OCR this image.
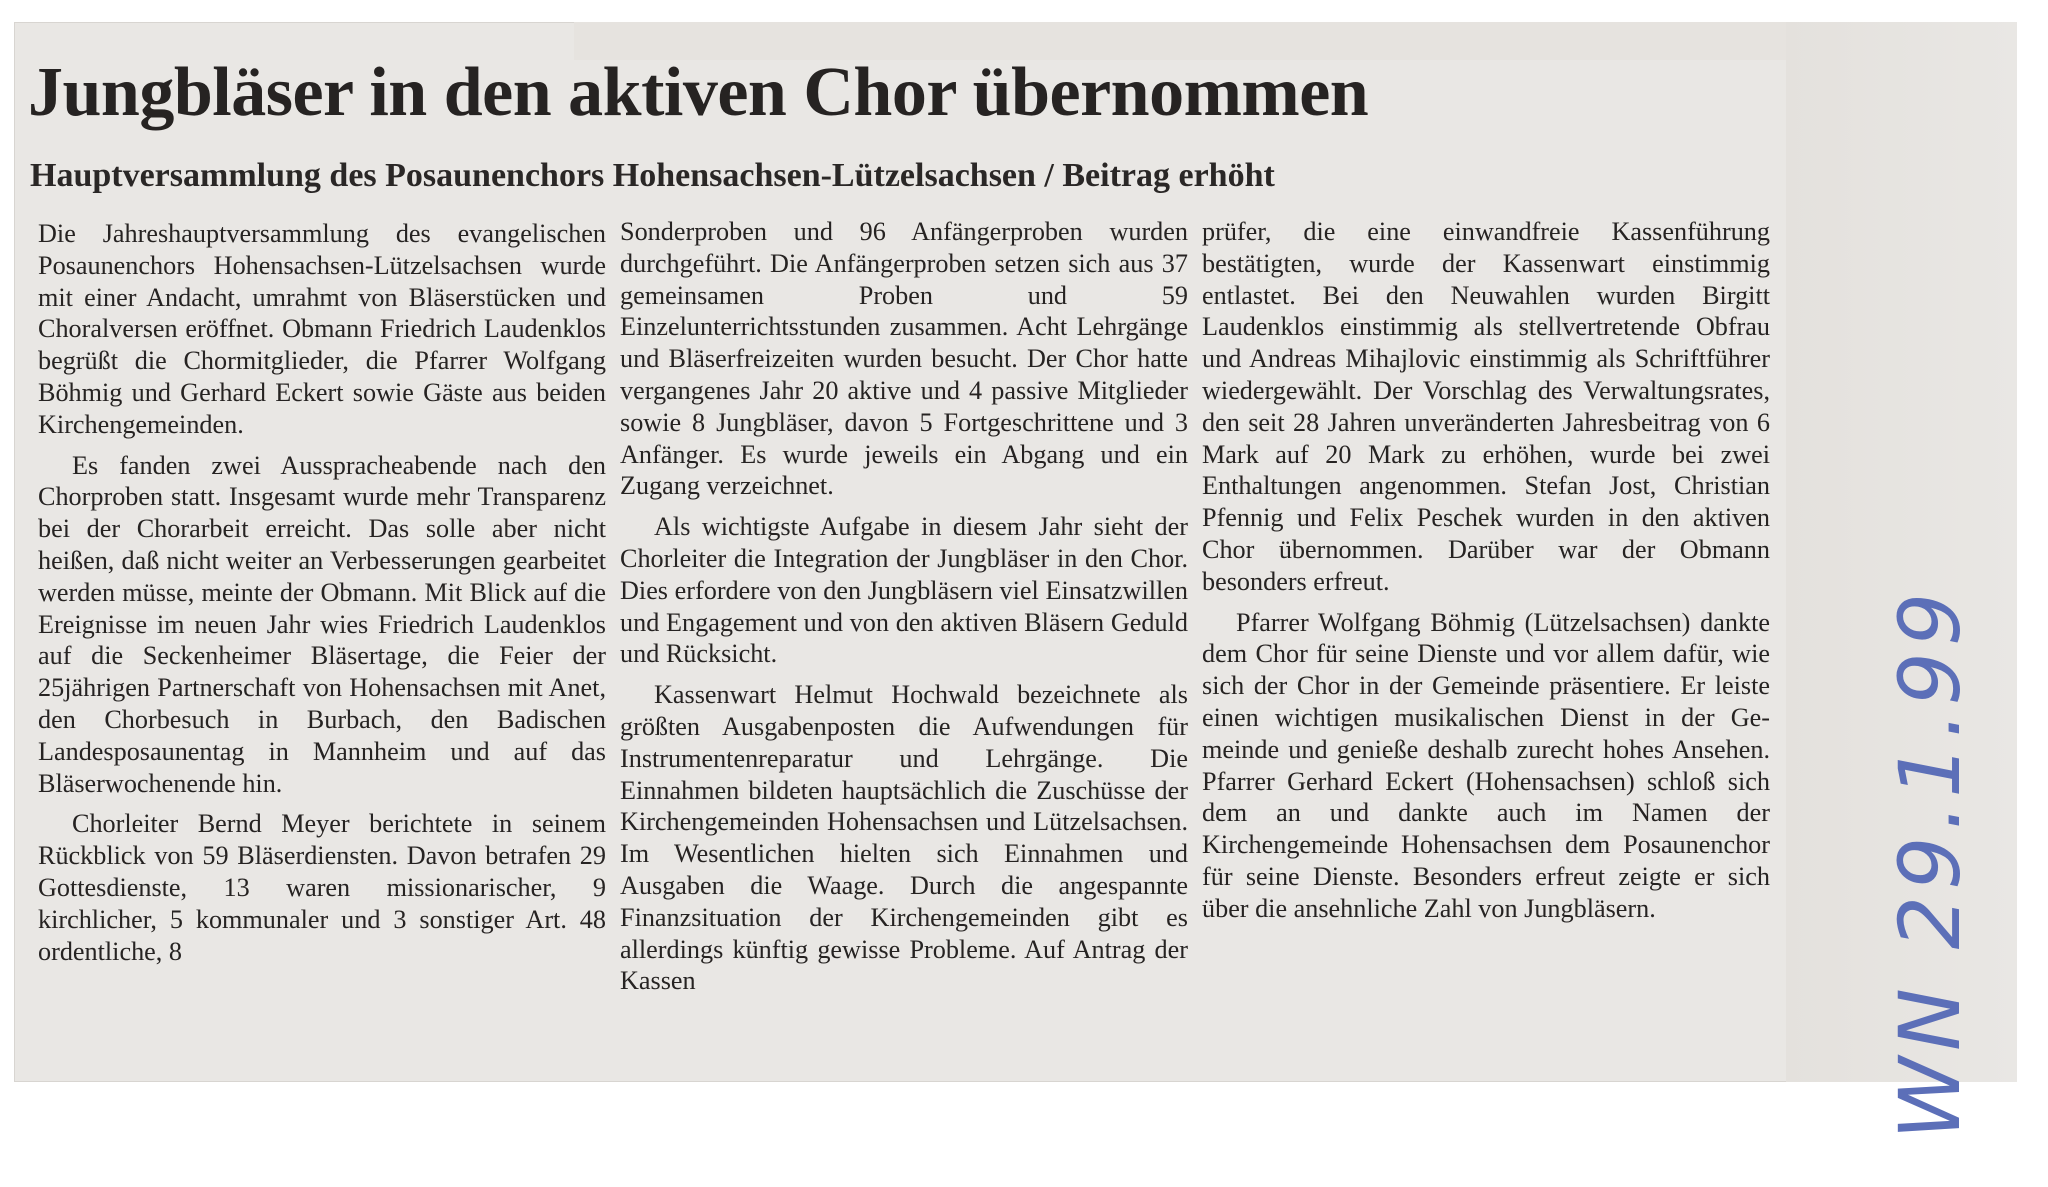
Jungbläser in den aktiven Chor übernommen
Hauptversammlung des Posaunenchors Hohensachsen-Lützelsachsen / Beitrag erhöht

Die Jahreshauptversammlung des evangelischen Posaunenchors Hohensachsen-Lützelsachsen wurde mit einer Andacht, umrahmt von Bläserstücken und Choralversen eröffnet. Obmann Friedrich Laudenklos begrüßt die Chormitglieder, die Pfarrer Wolfgang Böhmig und Gerhard Eckert sowie Gäste aus beiden Kirchengemeinden.

Es fanden zwei Ausspracheabende nach den Chorproben statt. Insgesamt wurde mehr Transparenz bei der Chorarbeit erreicht. Das solle aber nicht heißen, daß nicht weiter an Verbesserungen gearbeitet werden müsse, meinte der Obmann. Mit Blick auf die Ereignisse im neuen Jahr wies Friedrich Laudenklos auf die Seckenheimer Bläsertage, die Feier der 25jährigen Partnerschaft von Hohensachsen mit Anet, den Chorbesuch in Burbach, den Badischen Landesposaunentag in Mannheim und auf das Bläserwochenende hin.

Chorleiter Bernd Meyer berichtete in seinem Rückblick von 59 Bläserdiensten. Davon betrafen 29 Gottesdienste, 13 waren missionarischer, 9 kirchlicher, 5 kommunaler und 3 sonstiger Art. 48 ordentliche, 8

Sonderproben und 96 Anfängerproben wurden durchgeführt. Die Anfängerproben setzen sich aus 37 gemeinsamen Proben und 59 Einzelunterrichtsstunden zusammen. Acht Lehrgänge und Bläserfreizeiten wurden besucht. Der Chor hatte vergangenes Jahr 20 aktive und 4 passive Mitglieder sowie 8 Jungbläser, davon 5 Fortgeschrittene und 3 Anfänger. Es wurde jeweils ein Abgang und ein Zugang verzeichnet.

Als wichtigste Aufgabe in diesem Jahr sieht der Chorleiter die Integration der Jungbläser in den Chor. Dies erfordere von den Jungbläsern viel Einsatzwillen und Engagement und von den aktiven Bläsern Geduld und Rücksicht.

Kassenwart Helmut Hochwald bezeichnete als größten Ausgabenposten die Aufwendungen für Instrumentenreparatur und Lehrgänge. Die Einnahmen bildeten hauptsächlich die Zuschüsse der Kirchengemeinden Hohensachsen und Lützelsachsen. Im Wesentlichen hielten sich Einnahmen und Ausgaben die Waage. Durch die angespannte Finanzsituation der Kirchengemeinden gibt es allerdings künftig gewisse Probleme. Auf Antrag der Kassen

prüfer, die eine einwandfreie Kassenführung bestätigten, wurde der Kassenwart einstimmig entlastet. Bei den Neuwahlen wurden Birgitt Laudenklos einstimmig als stellvertretende Obfrau und Andreas Mihajlovic einstimmig als Schriftführer wiedergewählt. Der Vorschlag des Verwaltungsrates, den seit 28 Jahren unveränderten Jahresbeitrag von 6 Mark auf 20 Mark zu erhöhen, wurde bei zwei Enthaltungen angenommen. Stefan Jost, Christian Pfennig und Felix Peschek wurden in den aktiven Chor übernommen. Darüber war der Obmann besonders erfreut.

Pfarrer Wolfgang Böhmig (Lützelsachsen) dankte dem Chor für seine Dienste und vor allem dafür, wie sich der Chor in der Gemeinde präsentiere. Er leiste einen wichtigen musikalischen Dienst in der Gemeinde und genieße deshalb zurecht hohes Ansehen. Pfarrer Gerhard Eckert (Hohensachsen) schloß sich dem an und dankte auch im Namen der Kirchengemeinde Hohensachsen dem Posaunenchor für seine Dienste. Besonders erfreut zeigte er sich über die ansehnliche Zahl von Jungbläsern.	WN 29.1.99
